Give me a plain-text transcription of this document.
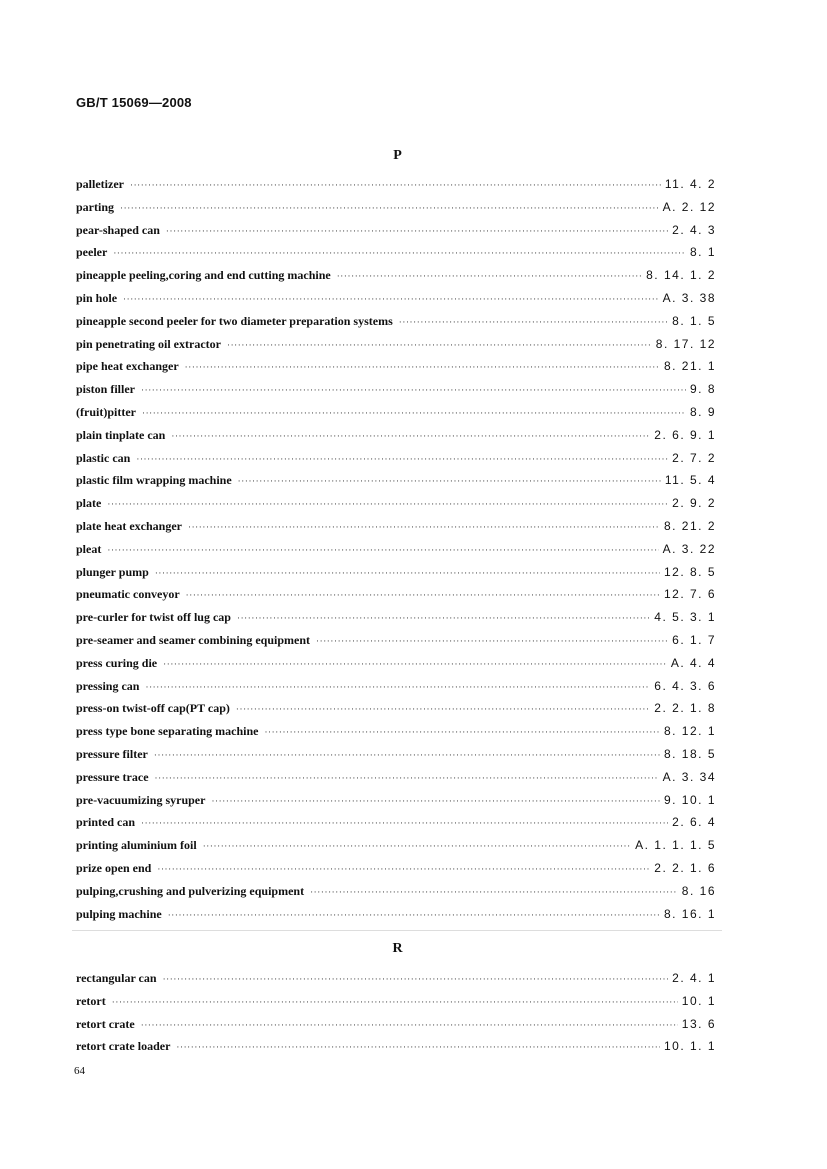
GB/T 15069—2008
P
palletizer ·····	11. 4. 2
parting ·····	A. 2. 12
pear-shaped can ·····	2. 4. 3
peeler ·····	8. 1
pineapple peeling,coring and end cutting machine ·····	8. 14. 1. 2
pin hole ·····	A. 3. 38
pineapple second peeler for two diameter preparation systems ·····	8. 1. 5
pin penetrating oil extractor ·····	8. 17. 12
pipe heat exchanger ·····	8. 21. 1
piston filler ·····	9. 8
(fruit)pitter ·····	8. 9
plain tinplate can ·····	2. 6. 9. 1
plastic can ·····	2. 7. 2
plastic film wrapping machine ·····	11. 5. 4
plate ·····	2. 9. 2
plate heat exchanger ·····	8. 21. 2
pleat ·····	A. 3. 22
plunger pump ·····	12. 8. 5
pneumatic conveyor ·····	12. 7. 6
pre-curler for twist off lug cap ·····	4. 5. 3. 1
pre-seamer and seamer combining equipment ·····	6. 1. 7
press curing die ·····	A. 4. 4
pressing can ·····	6. 4. 3. 6
press-on twist-off cap(PT cap) ·····	2. 2. 1. 8
press type bone separating machine ·····	8. 12. 1
pressure filter ·····	8. 18. 5
pressure trace ·····	A. 3. 34
pre-vacuumizing syruper ·····	9. 10. 1
printed can ·····	2. 6. 4
printing aluminium foil ·····	A. 1. 1. 1. 5
prize open end ·····	2. 2. 1. 6
pulping,crushing and pulverizing equipment ·····	8. 16
pulping machine ·····	8. 16. 1
R
rectangular can ·····	2. 4. 1
retort ·····	10. 1
retort crate ·····	13. 6
retort crate loader ·····	10. 1. 1
64
